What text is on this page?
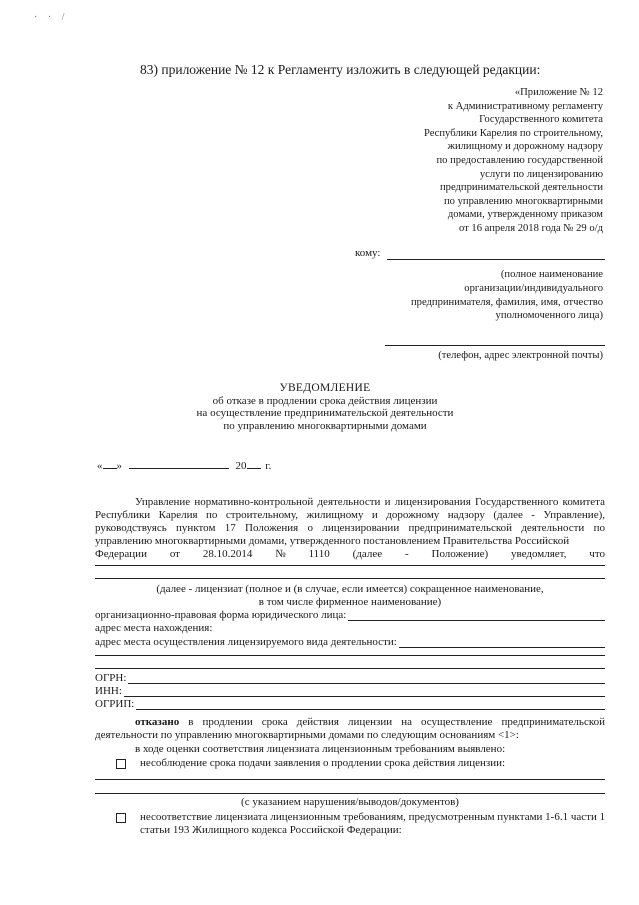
· · /
83) приложение № 12 к Регламенту изложить в следующей редакции:
«Приложение № 12
к Административному регламенту
Государственного комитета
Республики Карелия по строительному,
жилищному и дорожному надзору
по предоставлению государственной
услуги по лицензированию
предпринимательской деятельности
по управлению многоквартирными
домами, утвержденному приказом
от 16 апреля 2018 года № 29 о/д
кому:
(полное наименование
организации/индивидуального
предпринимателя, фамилия, имя, отчество
уполномоченного лица)
(телефон, адрес электронной почты)
УВЕДОМЛЕНИЕ
об отказе в продлении срока действия лицензии
на осуществление предпринимательской деятельности
по управлению многоквартирными домами
« »	20 г.
Управление нормативно-контрольной деятельности и лицензирования Государственного комитета Республики Карелия по строительному, жилищному и дорожному надзору (далее - Управление), руководствуясь пунктом 17 Положения о лицензировании предпринимательской деятельности по управлению многоквартирными домами, утвержденного постановлением Правительства Российской
Федерации от 28.10.2014 № 1110 (далее - Положение) уведомляет, что
(далее - лицензиат (полное и (в случае, если имеется) сокращенное наименование,
в том числе фирменное наименование)
организационно-правовая форма юридического лица:
адрес места нахождения:
адрес места осуществления лицензируемого вида деятельности:
ОГРН:
ИНН:
ОГРИП:
отказано в продлении срока действия лицензии на осуществление предпринимательской деятельности по управлению многоквартирными домами по следующим основаниям <1>:
в ходе оценки соответствия лицензиата лицензионным требованиям выявлено:
несоблюдение срока подачи заявления о продлении срока действия лицензии:
(с указанием нарушения/выводов/документов)
несоответствие лицензиата лицензионным требованиям, предусмотренным пунктами 1-6.1 части 1 статьи 193 Жилищного кодекса Российской Федерации:
